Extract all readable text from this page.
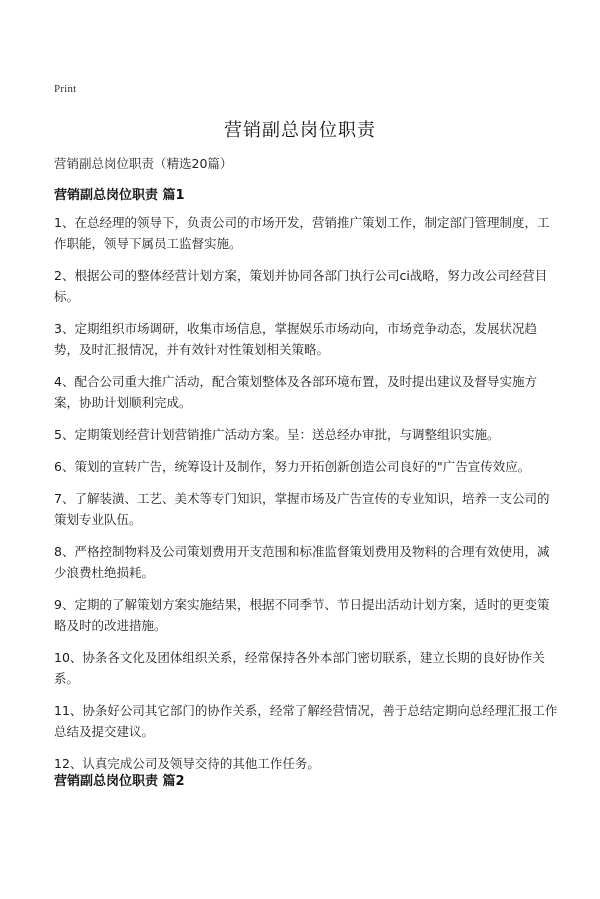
Print
营销副总岗位职责
营销副总岗位职责（精选20篇）
营销副总岗位职责 篇1
1、在总经理的领导下，负责公司的市场开发，营销推广策划工作，制定部门管理制度，工作职能，领导下属员工监督实施。
2、根据公司的整体经营计划方案，策划并协同各部门执行公司ci战略，努力改公司经营目标。
3、定期组织市场调研，收集市场信息，掌握娱乐市场动向，市场竞争动态，发展状况趋势，及时汇报情况，并有效针对性策划相关策略。
4、配合公司重大推广活动，配合策划整体及各部环境布置，及时提出建议及督导实施方案，协助计划顺利完成。
5、定期策划经营计划营销推广活动方案。呈：送总经办审批，与调整组识实施。
6、策划的宣转广告，统筹设计及制作，努力开拓创新创造公司良好的"广告宣传效应。
7、了解装潢、工艺、美术等专门知识，掌握市场及广告宣传的专业知识，培养一支公司的策划专业队伍。
8、严格控制物料及公司策划费用开支范围和标准监督策划费用及物料的合理有效使用，减少浪费杜绝损耗。
9、定期的了解策划方案实施结果，根据不同季节、节日提出活动计划方案，适时的更变策略及时的改进措施。
10、协条各文化及团体组织关系，经常保持各外本部门密切联系，建立长期的良好协作关系。
11、协条好公司其它部门的协作关系，经常了解经营情况，善于总结定期向总经理汇报工作总结及提交建议。
12、认真完成公司及领导交待的其他工作任务。
营销副总岗位职责 篇2
